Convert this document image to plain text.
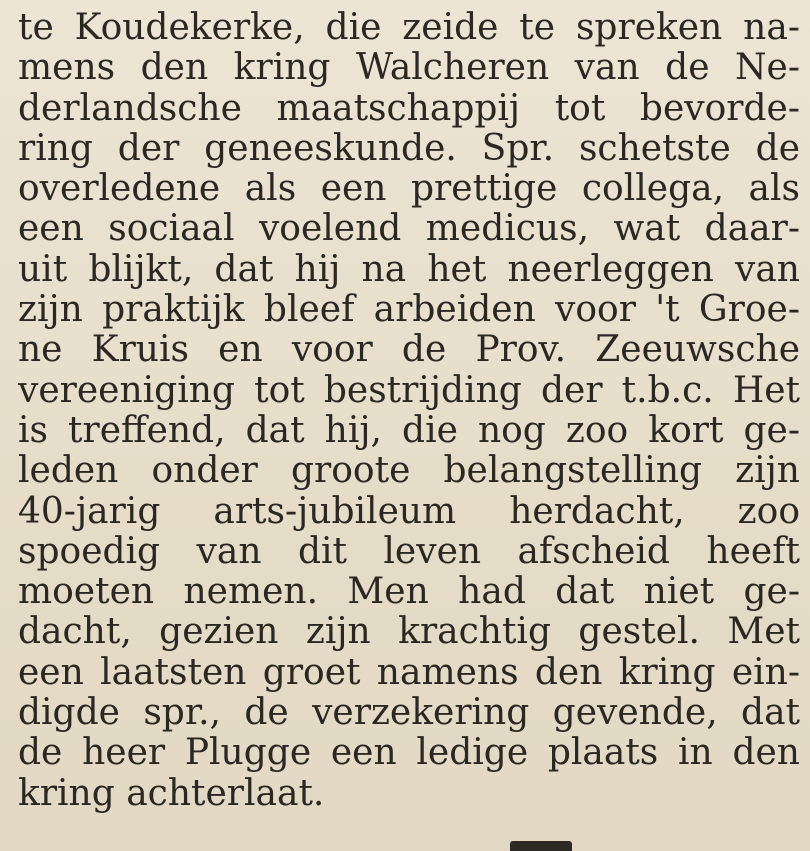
te Koudekerke, die zeide te spreken na-
mens den kring Walcheren van de Ne-
derlandsche maatschappij tot bevorde-
ring der geneeskunde. Spr. schetste de
overledene als een prettige collega, als
een sociaal voelend medicus, wat daar-
uit blijkt, dat hij na het neerleggen van
zijn praktijk bleef arbeiden voor 't Groe-
ne Kruis en voor de Prov. Zeeuwsche
vereeniging tot bestrijding der t.b.c. Het
is treffend, dat hij, die nog zoo kort ge-
leden onder groote belangstelling zijn
40-jarig arts-jubileum herdacht, zoo
spoedig van dit leven afscheid heeft
moeten nemen. Men had dat niet ge-
dacht, gezien zijn krachtig gestel. Met
een laatsten groet namens den kring ein-
digde spr., de verzekering gevende, dat
de heer Plugge een ledige plaats in den
kring achterlaat.
